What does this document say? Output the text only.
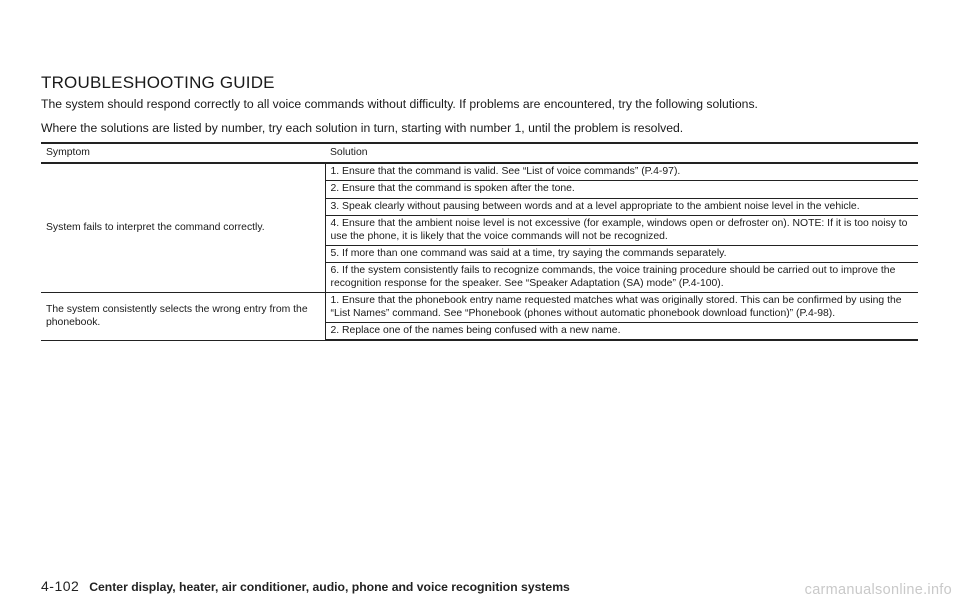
TROUBLESHOOTING GUIDE
The system should respond correctly to all voice commands without difficulty. If problems are encountered, try the following solutions.
Where the solutions are listed by number, try each solution in turn, starting with number 1, until the problem is resolved.
Symptom	Solution
System fails to interpret the command correctly.	1. Ensure that the command is valid. See “List of voice commands” (P.4-97).
	2. Ensure that the command is spoken after the tone.
	3. Speak clearly without pausing between words and at a level appropriate to the ambient noise level in the vehicle.
	4. Ensure that the ambient noise level is not excessive (for example, windows open or defroster on). NOTE: If it is too noisy to use the phone, it is likely that the voice commands will not be recognized.
	5. If more than one command was said at a time, try saying the commands separately.
	6. If the system consistently fails to recognize commands, the voice training procedure should be carried out to improve the recognition response for the speaker. See “Speaker Adaptation (SA) mode” (P.4-100).
The system consistently selects the wrong entry from the phonebook.	1. Ensure that the phonebook entry name requested matches what was originally stored. This can be confirmed by using the “List Names” command. See “Phonebook (phones without automatic phonebook download function)” (P.4-98).
	2. Replace one of the names being confused with a new name.
4-102 Center display, heater, air conditioner, audio, phone and voice recognition systems	carmanualsonline.info
